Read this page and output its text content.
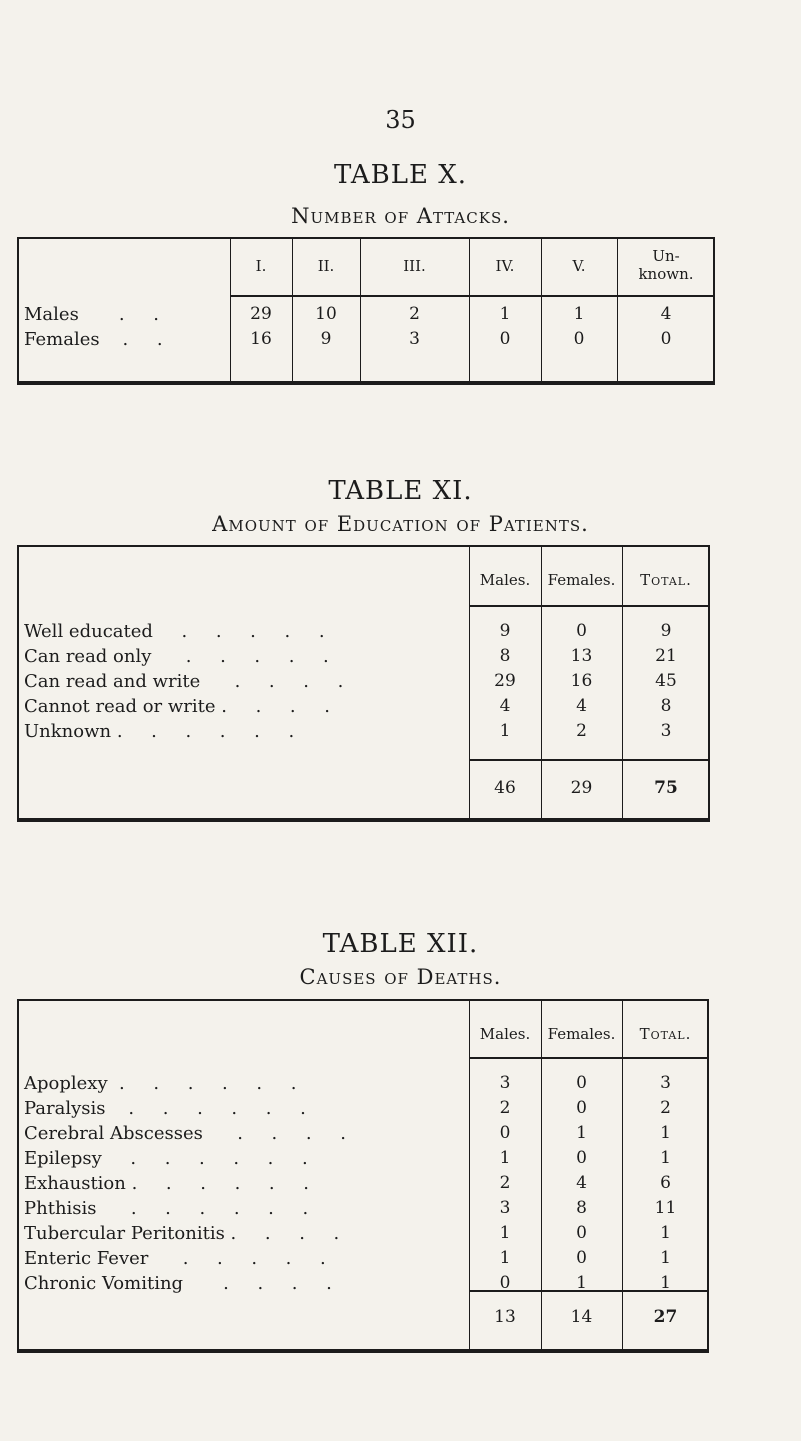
35
TABLE X.
Number of Attacks.
I.	II.	III.	IV.	V.
Un-
known.
Males       .     .	29	10	2	1	1	4
Females    .     .	16	9	3	0	0	0
TABLE XI.
Amount of Education of Patients.
Males.	Females.	Total.
Well educated     .     .     .     .     .	9	0	9
Can read only      .     .     .     .     .	8	13	21
Can read and write      .     .     .     .	29	16	45
Cannot read or write .     .     .     .	4	4	8
Unknown .     .     .     .     .     .	1	2	3
46	29	75
TABLE XII.
Causes of Deaths.
Males.	Females.	Total.
Apoplexy  .     .     .     .     .     .	3	0	3
Paralysis    .     .     .     .     .     .	2	0	2
Cerebral Abscesses      .     .     .     .	0	1	1
Epilepsy     .     .     .     .     .     .	1	0	1
Exhaustion .     .     .     .     .     .	2	4	6
Phthisis      .     .     .     .     .     .	3	8	11
Tubercular Peritonitis .     .     .     .	1	0	1
Enteric Fever      .     .     .     .     .	1	0	1
Chronic Vomiting       .     .     .     .	0	1	1
13	14	27
